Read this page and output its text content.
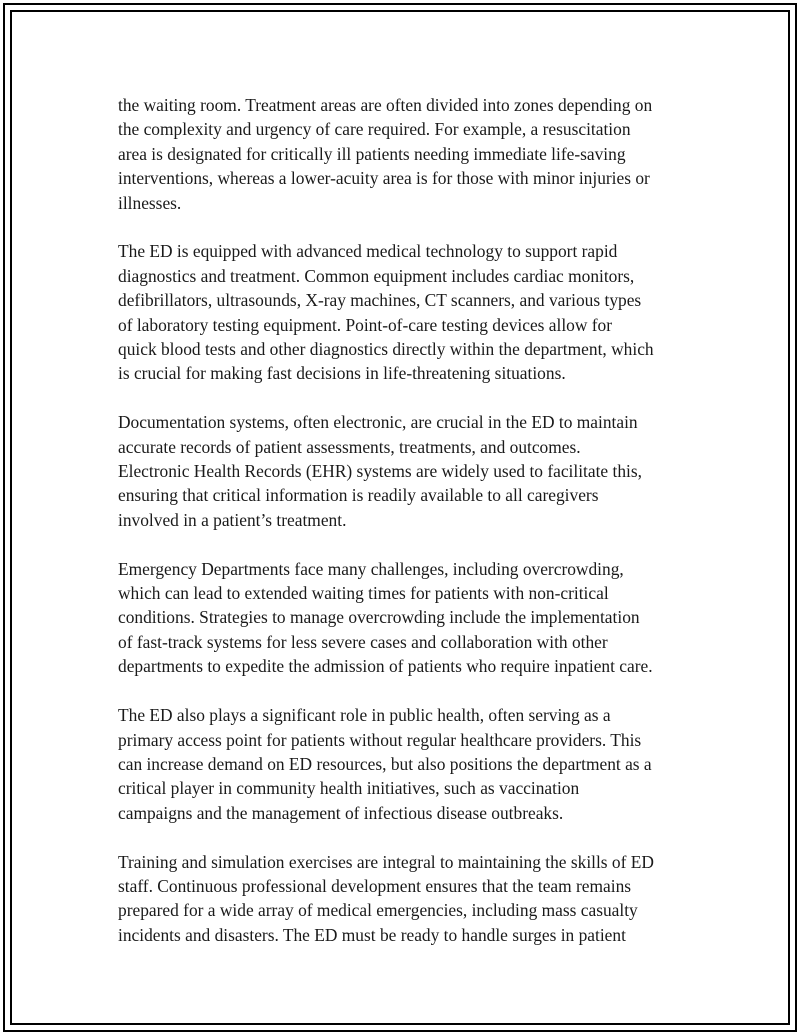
the waiting room. Treatment areas are often divided into zones depending on
the complexity and urgency of care required. For example, a resuscitation
area is designated for critically ill patients needing immediate life-saving
interventions, whereas a lower-acuity area is for those with minor injuries or
illnesses.

The ED is equipped with advanced medical technology to support rapid
diagnostics and treatment. Common equipment includes cardiac monitors,
defibrillators, ultrasounds, X-ray machines, CT scanners, and various types
of laboratory testing equipment. Point-of-care testing devices allow for
quick blood tests and other diagnostics directly within the department, which
is crucial for making fast decisions in life-threatening situations.

Documentation systems, often electronic, are crucial in the ED to maintain
accurate records of patient assessments, treatments, and outcomes.
Electronic Health Records (EHR) systems are widely used to facilitate this,
ensuring that critical information is readily available to all caregivers
involved in a patient’s treatment.

Emergency Departments face many challenges, including overcrowding,
which can lead to extended waiting times for patients with non-critical
conditions. Strategies to manage overcrowding include the implementation
of fast-track systems for less severe cases and collaboration with other
departments to expedite the admission of patients who require inpatient care.

The ED also plays a significant role in public health, often serving as a
primary access point for patients without regular healthcare providers. This
can increase demand on ED resources, but also positions the department as a
critical player in community health initiatives, such as vaccination
campaigns and the management of infectious disease outbreaks.

Training and simulation exercises are integral to maintaining the skills of ED
staff. Continuous professional development ensures that the team remains
prepared for a wide array of medical emergencies, including mass casualty
incidents and disasters. The ED must be ready to handle surges in patient
